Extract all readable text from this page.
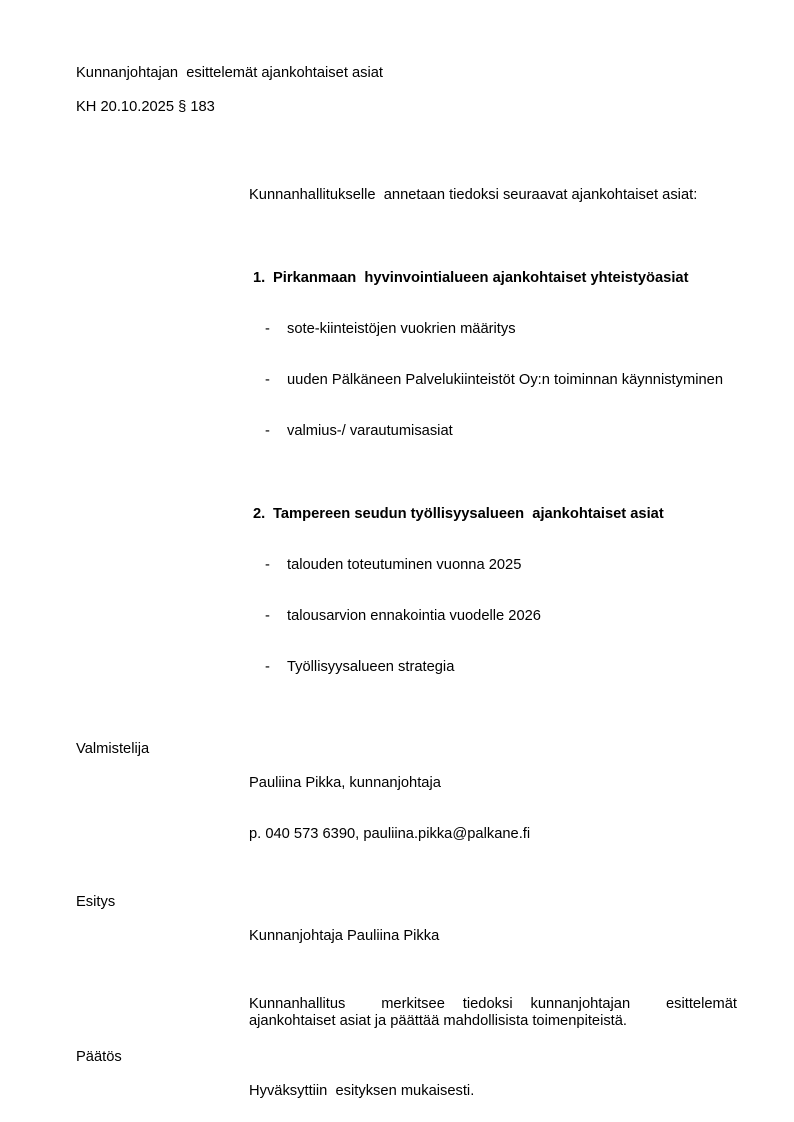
Kunnanjohtajan  esittelemät ajankohtaiset asiat

KH 20.10.2025 § 183

Kunnanhallitukselle  annetaan tiedoksi seuraavat ajankohtaiset asiat:

1. Pirkanmaan  hyvinvointialueen ajankohtaiset yhteistyöasiat

-	sote-kiinteistöjen vuokrien määritys

-	uuden Pälkäneen Palvelukiinteistöt Oy:n toiminnan käynnistyminen

-	valmius-/ varautumisasiat

2. Tampereen seudun työllisyysalueen  ajankohtaiset asiat

-	talouden toteutuminen vuonna 2025

-	talousarvion ennakointia vuodelle 2026

-	Työllisyysalueen strategia

Valmistelija

Pauliina Pikka, kunnanjohtaja

p. 040 573 6390, pauliina.pikka@palkane.fi

Esitys

Kunnanjohtaja Pauliina Pikka

Kunnanhallitus  merkitsee tiedoksi kunnanjohtajan  esittelemät ajankohtaiset asiat ja päättää mahdollisista toimenpiteistä.
Päätös

Hyväksyttiin  esityksen mukaisesti.
